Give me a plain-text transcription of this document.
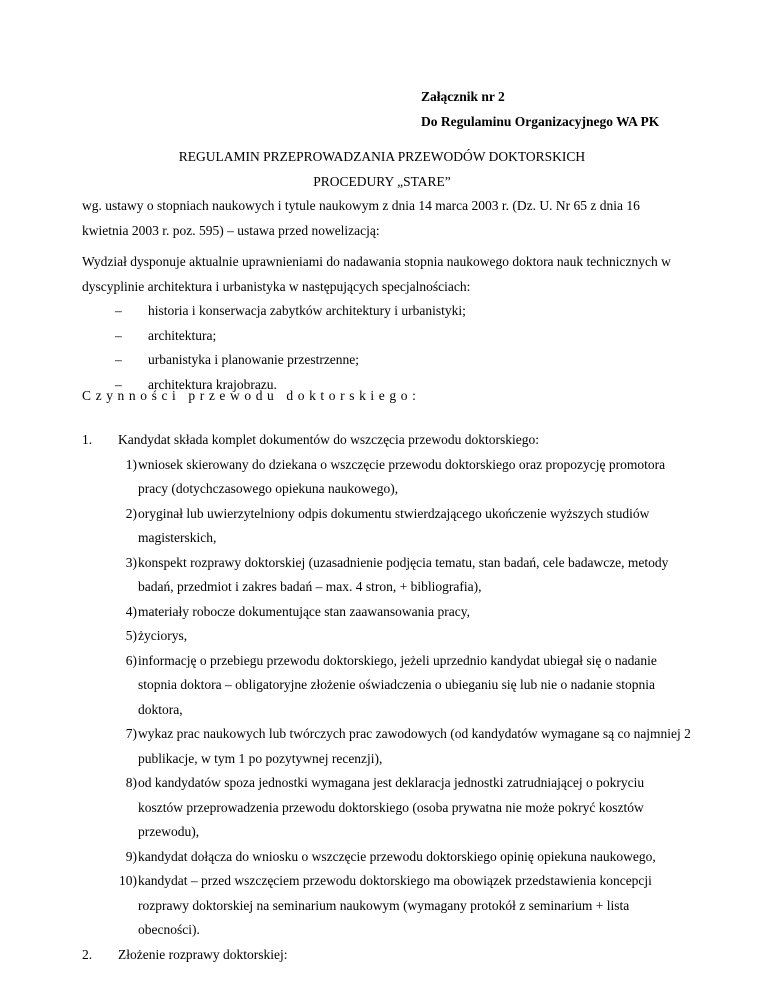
Załącznik nr 2
Do Regulaminu Organizacyjnego WA PK
REGULAMIN PRZEPROWADZANIA PRZEWODÓW DOKTORSKICH
PROCEDURY „STARE”
wg. ustawy o stopniach naukowych i tytule naukowym z dnia 14 marca 2003 r. (Dz. U. Nr 65 z dnia 16 kwietnia 2003 r. poz. 595) – ustawa przed nowelizacją:
Wydział dysponuje aktualnie uprawnieniami do nadawania stopnia naukowego doktora nauk technicznych w dyscyplinie architektura i urbanistyka w następujących specjalnościach:
– historia i konserwacja zabytków architektury i urbanistyki;
– architektura;
– urbanistyka i planowanie przestrzenne;
– architektura krajobrazu.
Czynności przewodu doktorskiego:
1. Kandydat składa komplet dokumentów do wszczęcia przewodu doktorskiego:
1) wniosek skierowany do dziekana o wszczęcie przewodu doktorskiego oraz propozycję promotora pracy (dotychczasowego opiekuna naukowego),
2) oryginał lub uwierzytelniony odpis dokumentu stwierdzającego ukończenie wyższych studiów magisterskich,
3) konspekt rozprawy doktorskiej (uzasadnienie podjęcia tematu, stan badań, cele badawcze, metody badań, przedmiot i zakres badań – max. 4 stron, + bibliografia),
4) materiały robocze dokumentujące stan zaawansowania pracy,
5) życiorys,
6) informację o przebiegu przewodu doktorskiego, jeżeli uprzednio kandydat ubiegał się o nadanie stopnia doktora – obligatoryjne złożenie oświadczenia o ubieganiu się lub nie o nadanie stopnia doktora,
7) wykaz prac naukowych lub twórczych prac zawodowych (od kandydatów wymagane są co najmniej 2 publikacje, w tym 1 po pozytywnej recenzji),
8) od kandydatów spoza jednostki wymagana jest deklaracja jednostki zatrudniającej o pokryciu kosztów przeprowadzenia przewodu doktorskiego (osoba prywatna nie może pokryć kosztów przewodu),
9) kandydat dołącza do wniosku o wszczęcie przewodu doktorskiego opinię opiekuna naukowego,
10) kandydat – przed wszczęciem przewodu doktorskiego ma obowiązek przedstawienia koncepcji rozprawy doktorskiej na seminarium naukowym (wymagany protokół z seminarium + lista obecności).
2. Złożenie rozprawy doktorskiej:
